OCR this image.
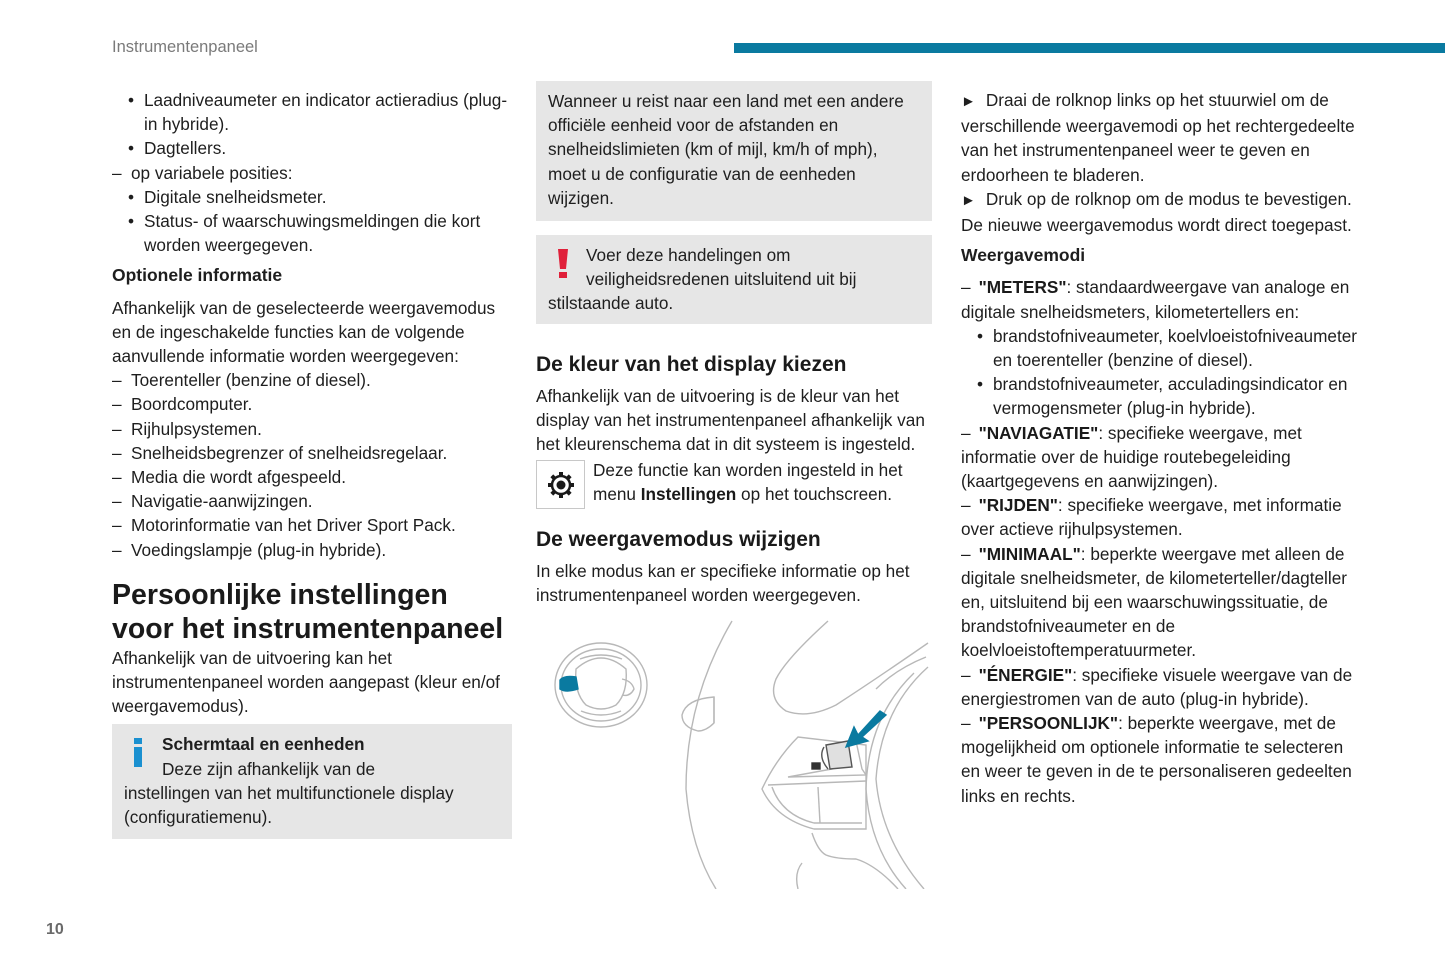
Instrumentenpaneel
• Laadniveaumeter en indicator actieradius (plug-in hybride).
• Dagtellers.
– op variabele posities:
• Digitale snelheidsmeter.
• Status- of waarschuwingsmeldingen die kort worden weergegeven.
Optionele informatie
Afhankelijk van de geselecteerde weergavemodus en de ingeschakelde functies kan de volgende aanvullende informatie worden weergegeven:
– Toerenteller (benzine of diesel).
– Boordcomputer.
– Rijhulpsystemen.
– Snelheidsbegrenzer of snelheidsregelaar.
– Media die wordt afgespeeld.
– Navigatie-aanwijzingen.
– Motorinformatie van het Driver Sport Pack.
– Voedingslampje (plug-in hybride).
Persoonlijke instellingen voor het instrumentenpaneel
Afhankelijk van de uitvoering kan het instrumentenpaneel worden aangepast (kleur en/of weergavemodus).
Schermtaal en eenheden
Deze zijn afhankelijk van de
instellingen van het multifunctionele display (configuratiemenu).
Wanneer u reist naar een land met een andere officiële eenheid voor de afstanden en snelheidslimieten (km of mijl, km/h of mph), moet u de configuratie van de eenheden wijzigen.
Voer deze handelingen om veiligheidsredenen uitsluitend uit bij
stilstaande auto.
De kleur van het display kiezen
Afhankelijk van de uitvoering is de kleur van het display van het instrumentenpaneel afhankelijk van het kleurenschema dat in dit systeem is ingesteld.
Deze functie kan worden ingesteld in het menu Instellingen op het touchscreen.
De weergavemodus wijzigen
In elke modus kan er specifieke informatie op het instrumentenpaneel worden weergegeven.
► Draai de rolknop links op het stuurwiel om de verschillende weergavemodi op het rechtergedeelte van het instrumentenpaneel weer te geven en erdoorheen te bladeren.
► Druk op de rolknop om de modus te bevestigen.
De nieuwe weergavemodus wordt direct toegepast.
Weergavemodi
– "METERS": standaardweergave van analoge en digitale snelheidsmeters, kilometertellers en:
• brandstofniveaumeter, koelvloeistofniveaumeter en toerenteller (benzine of diesel).
• brandstofniveaumeter, acculadingsindicator en vermogensmeter (plug-in hybride).
– "NAVIAGATIE": specifieke weergave, met informatie over de huidige routebegeleiding (kaartgegevens en aanwijzingen).
– "RIJDEN": specifieke weergave, met informatie over actieve rijhulpsystemen.
– "MINIMAAL": beperkte weergave met alleen de digitale snelheidsmeter, de kilometerteller/dagteller en, uitsluitend bij een waarschuwingssituatie, de brandstofniveaumeter en de koelvloeistoftemperatuurmeter.
– "ÉNERGIE": specifieke visuele weergave van de energiestromen van de auto (plug-in hybride).
– "PERSOONLIJK": beperkte weergave, met de mogelijkheid om optionele informatie te selecteren en weer te geven in de te personaliseren gedeelten links en rechts.
10
